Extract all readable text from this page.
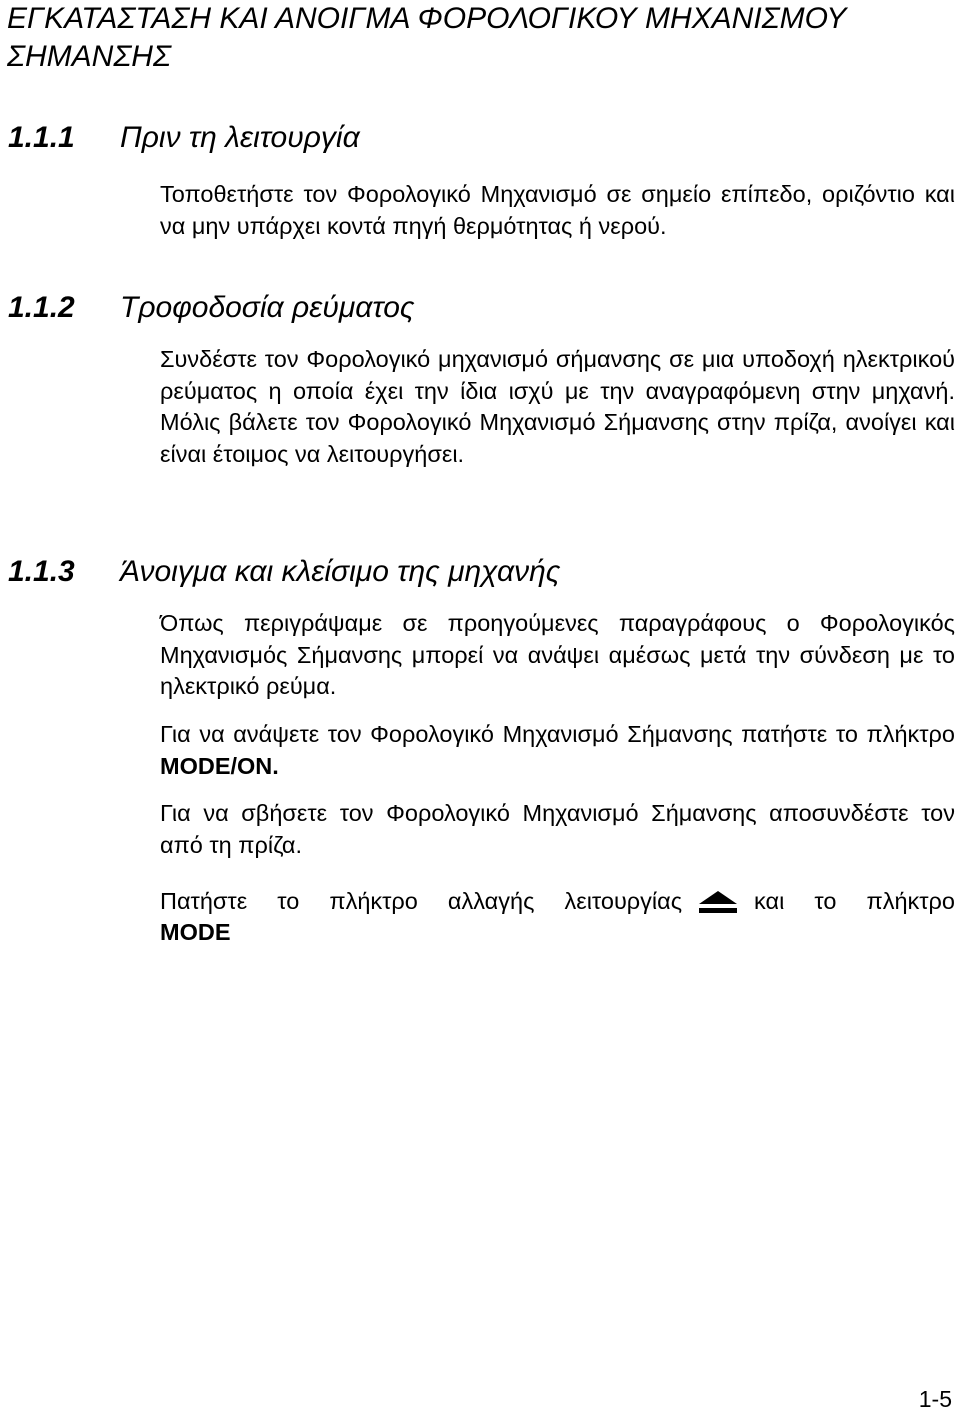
ΕΓΚΑΤΑΣΤΑΣΗ ΚΑΙ ΑΝΟΙΓΜΑ ΦΟΡΟΛΟΓΙΚΟΥ ΜΗΧΑΝΙΣΜΟΥ ΣΗΜΑΝΣΗΣ
1.1.1 Πριν τη λειτουργία

Τοποθετήστε τον Φορολογικό Μηχανισμό σε σημείο επίπεδο, οριζόντιο και να μην υπάρχει κοντά πηγή θερμότητας ή νερού.

1.1.2 Τροφοδοσία ρεύματος

Συνδέστε τον Φορολογικό μηχανισμό σήμανσης σε μια υποδοχή ηλεκτρικού ρεύματος η οποία έχει την ίδια ισχύ με την αναγραφόμενη στην μηχανή. Μόλις βάλετε τον Φορολογικό Μηχανισμό Σήμανσης στην πρίζα, ανοίγει και είναι έτοιμος να λειτουργήσει.

1.1.3 Άνοιγμα και κλείσιμο της μηχανής

Όπως περιγράψαμε σε προηγούμενες παραγράφους ο Φορολογικός Μηχανισμός Σήμανσης μπορεί να ανάψει αμέσως μετά την σύνδεση με το ηλεκτρικό ρεύμα.

Για να ανάψετε τον Φορολογικό Μηχανισμό Σήμανσης πατήστε το πλήκτρο MODE/ON.

Για να σβήσετε τον Φορολογικό Μηχανισμό Σήμανσης αποσυνδέστε τον από τη πρίζα.

Πατήστε το πλήκτρο αλλαγής λειτουργίας	και το πλήκτρο

MODE

1-5
